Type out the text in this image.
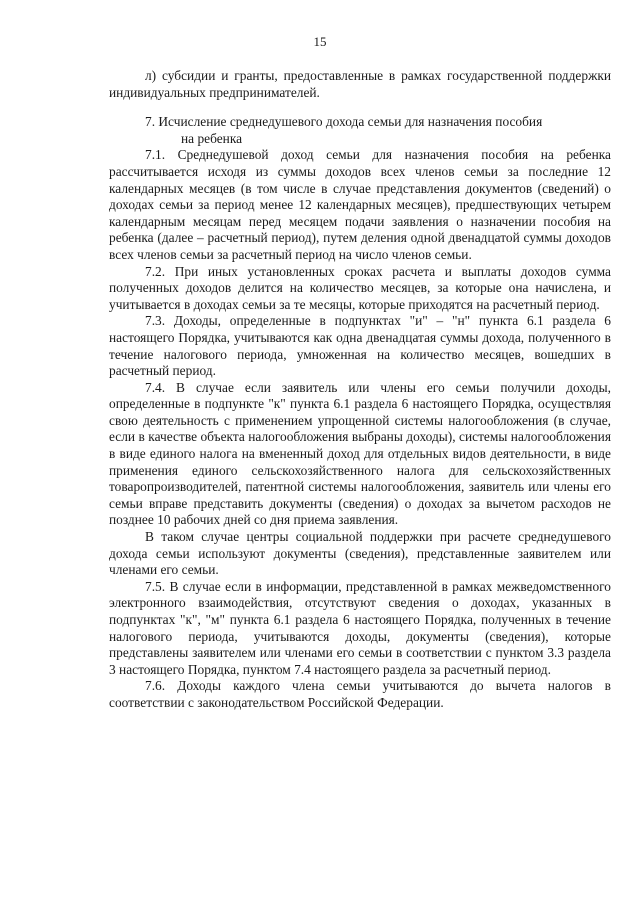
15

л) субсидии и гранты, предоставленные в рамках государственной поддержки индивидуальных предпринимателей.

7. Исчисление среднедушевого дохода семьи для назначения пособия
на ребенка

7.1. Среднедушевой доход семьи для назначения пособия на ребенка рассчитывается исходя из суммы доходов всех членов семьи за последние 12 календарных месяцев (в том числе в случае представления документов (сведений) о доходах семьи за период менее 12 календарных месяцев), предшествующих четырем календарным месяцам перед месяцем подачи заявления о назначении пособия на ребенка (далее – расчетный период), путем деления одной двенадцатой суммы доходов всех членов семьи за расчетный период на число членов семьи.

7.2. При иных установленных сроках расчета и выплаты доходов сумма полученных доходов делится на количество месяцев, за которые она начислена, и учитывается в доходах семьи за те месяцы, которые приходятся на расчетный период.

7.3. Доходы, определенные в подпунктах "и" – "н" пункта 6.1 раздела 6 настоящего Порядка, учитываются как одна двенадцатая суммы дохода, полученного в течение налогового периода, умноженная на количество месяцев, вошедших в расчетный период.

7.4. В случае если заявитель или члены его семьи получили доходы, определенные в подпункте "к" пункта 6.1 раздела 6 настоящего Порядка, осуществляя свою деятельность с применением упрощенной системы налогообложения (в случае, если в качестве объекта налогообложения выбраны доходы), системы налогообложения в виде единого налога на вмененный доход для отдельных видов деятельности, в виде применения единого сельскохозяйственного налога для сельскохозяйственных товаропроизводителей, патентной системы налогообложения, заявитель или члены его семьи вправе представить документы (сведения) о доходах за вычетом расходов не позднее 10 рабочих дней со дня приема заявления.

В таком случае центры социальной поддержки при расчете среднедушевого дохода семьи используют документы (сведения), представленные заявителем или членами его семьи.

7.5. В случае если в информации, представленной в рамках межведомственного электронного взаимодействия, отсутствуют сведения о доходах, указанных в подпунктах "к", "м" пункта 6.1 раздела 6 настоящего Порядка, полученных в течение налогового периода, учитываются доходы, документы (сведения), которые представлены заявителем или членами его семьи в соответствии с пунктом 3.3 раздела 3 настоящего Порядка, пунктом 7.4 настоящего раздела за расчетный период.

7.6. Доходы каждого члена семьи учитываются до вычета налогов в соответствии с законодательством Российской Федерации.
